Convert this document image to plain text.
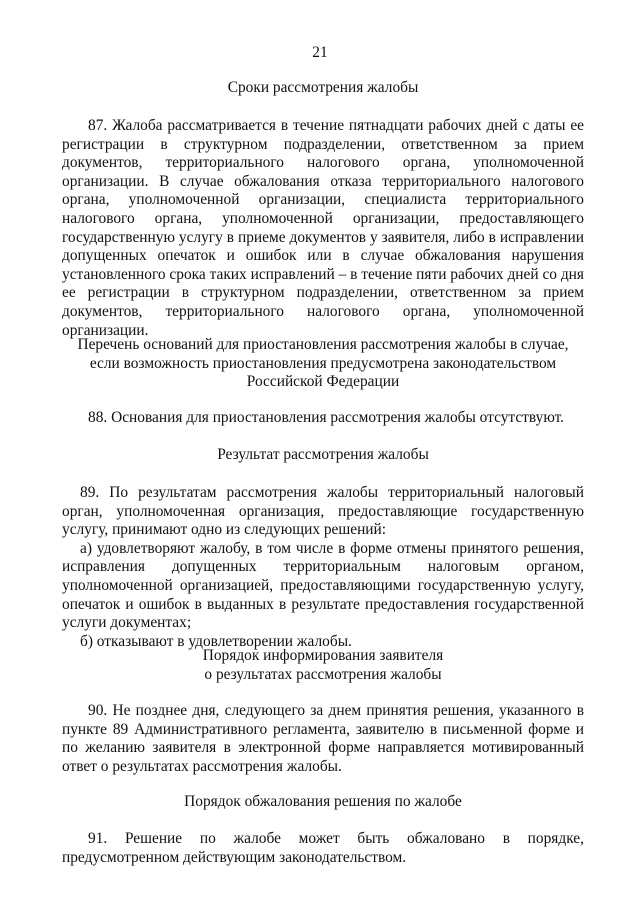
21
Сроки рассмотрения жалобы

87. Жалоба рассматривается в течение пятнадцати рабочих дней с даты ее регистрации в структурном подразделении, ответственном за прием документов, территориального налогового органа, уполномоченной организации. В случае обжалования отказа территориального налогового органа, уполномоченной организации, специалиста территориального налогового органа, уполномоченной организации, предоставляющего государственную услугу в приеме документов у заявителя, либо в исправлении допущенных опечаток и ошибок или в случае обжалования нарушения установленного срока таких исправлений – в течение пяти рабочих дней со дня ее регистрации в структурном подразделении, ответственном за прием документов, территориального налогового органа, уполномоченной организации.

Перечень оснований для приостановления рассмотрения жалобы в случае, если возможность приостановления предусмотрена законодательством Российской Федерации

88. Основания для приостановления рассмотрения жалобы отсутствуют.

Результат рассмотрения жалобы

89. По результатам рассмотрения жалобы территориальный налоговый орган, уполномоченная организация, предоставляющие государственную услугу, принимают одно из следующих решений:

а) удовлетворяют жалобу, в том числе в форме отмены принятого решения, исправления допущенных территориальным налоговым органом, уполномоченной организацией, предоставляющими государственную услугу, опечаток и ошибок в выданных в результате предоставления государственной услуги документах;

б) отказывают в удовлетворении жалобы.

Порядок информирования заявителя
о результатах рассмотрения жалобы

90. Не позднее дня, следующего за днем принятия решения, указанного в пункте 89 Административного регламента, заявителю в письменной форме и по желанию заявителя в электронной форме направляется мотивированный ответ о результатах рассмотрения жалобы.

Порядок обжалования решения по жалобе

91. Решение по жалобе может быть обжаловано в порядке, предусмотренном действующим законодательством.
